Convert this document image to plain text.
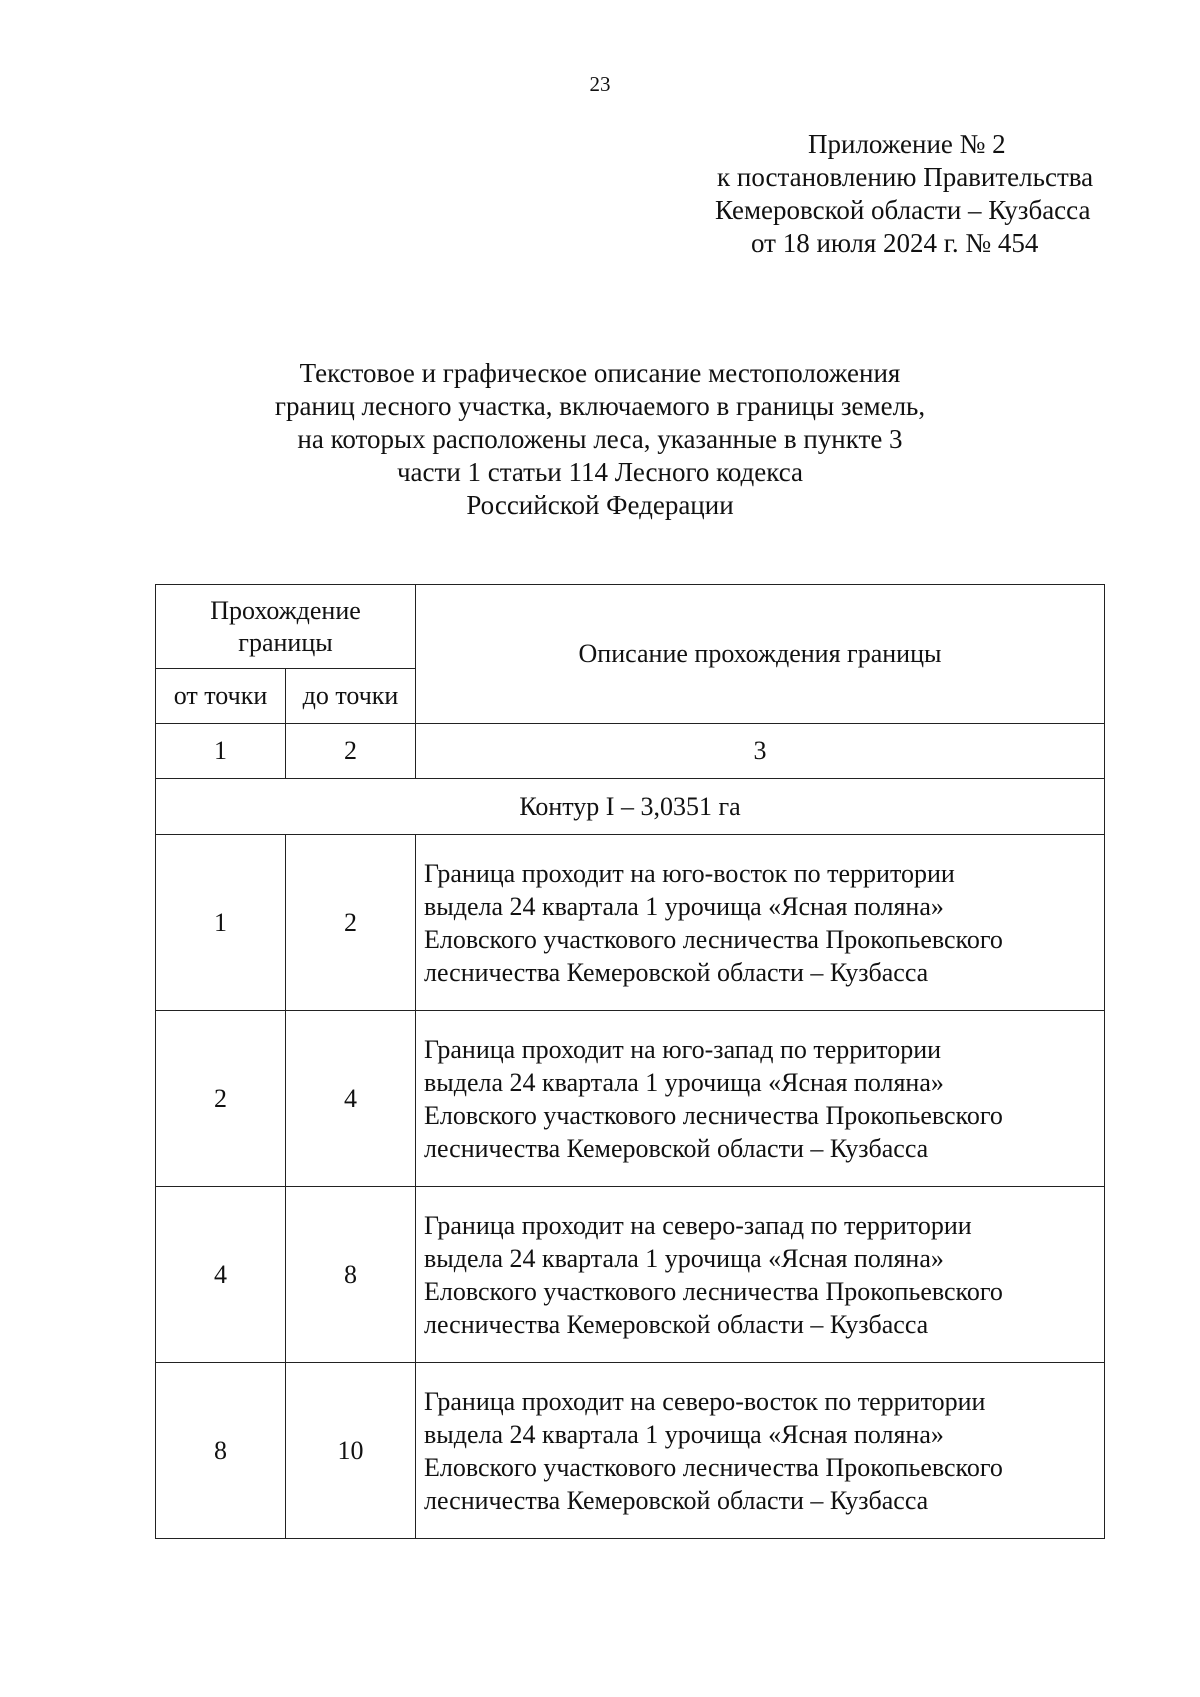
23
Приложение № 2
к постановлению Правительства
Кемеровской области – Кузбасса
от 18 июля 2024 г. № 454
Текстовое и графическое описание местоположения
границ лесного участка, включаемого в границы земель,
на которых расположены леса, указанные в пункте 3
части 1 статьи 114 Лесного кодекса
Российской Федерации
Прохождение
границы		Описание прохождения границы
от точки	до точки	
1	2	3
Контур I – 3,0351 га		
1	2	Граница проходит на юго-восток по территории
выдела 24 квартала 1 урочища «Ясная поляна»
Еловского участкового лесничества Прокопьевского
лесничества Кемеровской области – Кузбасса

2	4	Граница проходит на юго-запад по территории
выдела 24 квартала 1 урочища «Ясная поляна»
Еловского участкового лесничества Прокопьевского
лесничества Кемеровской области – Кузбасса

4	8	Граница проходит на северо-запад по территории
выдела 24 квартала 1 урочища «Ясная поляна»
Еловского участкового лесничества Прокопьевского
лесничества Кемеровской области – Кузбасса

8	10	Граница проходит на северо-восток по территории
выдела 24 квартала 1 урочища «Ясная поляна»
Еловского участкового лесничества Прокопьевского
лесничества Кемеровской области – Кузбасса
